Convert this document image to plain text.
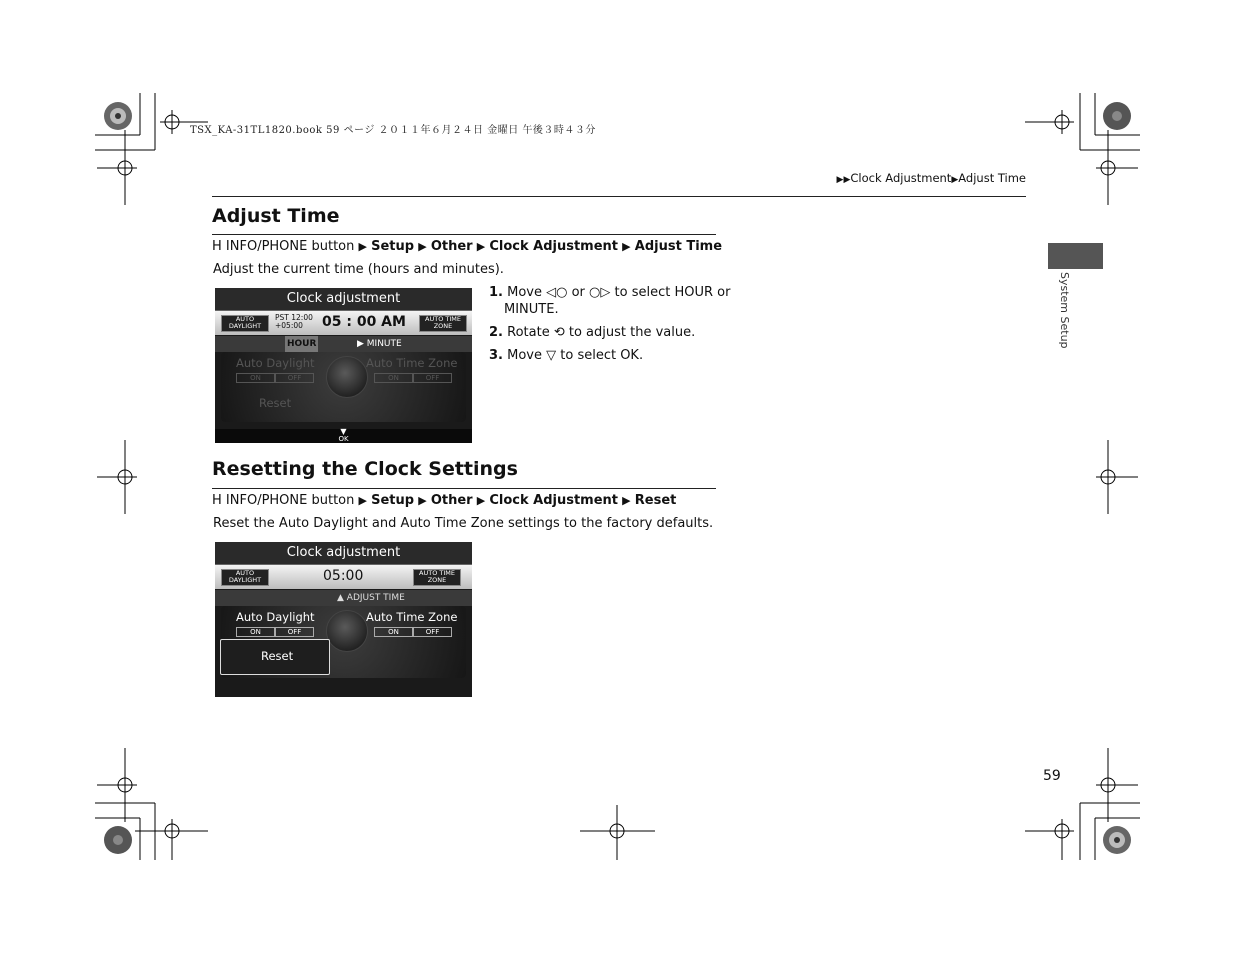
TSX_KA-31TL1820.book 59 ページ ２０１１年６月２４日 金曜日 午後３時４３分
▶▶Clock Adjustment▶Adjust Time
System Setup
Adjust Time
H INFO/PHONE button ▶ Setup ▶ Other ▶ Clock Adjustment ▶ Adjust Time
Adjust the current time (hours and minutes).
Clock adjustment
AUTO DAYLIGHT
PST 12:00
+05:00	05 : 00 AM	AUTO TIME ZONE
HOUR	▶ MINUTE
Auto Daylight	Auto Time Zone
ON	OFF	ON	OFF
Reset
▼
OK
1. Move ◁○ or ○▷ to select HOUR or
MINUTE.
2. Rotate ⟲ to adjust the value.
3. Move ▽ to select OK.
Resetting the Clock Settings
H INFO/PHONE button ▶ Setup ▶ Other ▶ Clock Adjustment ▶ Reset
Reset the Auto Daylight and Auto Time Zone settings to the factory defaults.
Clock adjustment
AUTO DAYLIGHT	05:00	AUTO TIME ZONE
▲ ADJUST TIME
Auto Daylight	Auto Time Zone
ON	OFF	ON	OFF
Reset
59
